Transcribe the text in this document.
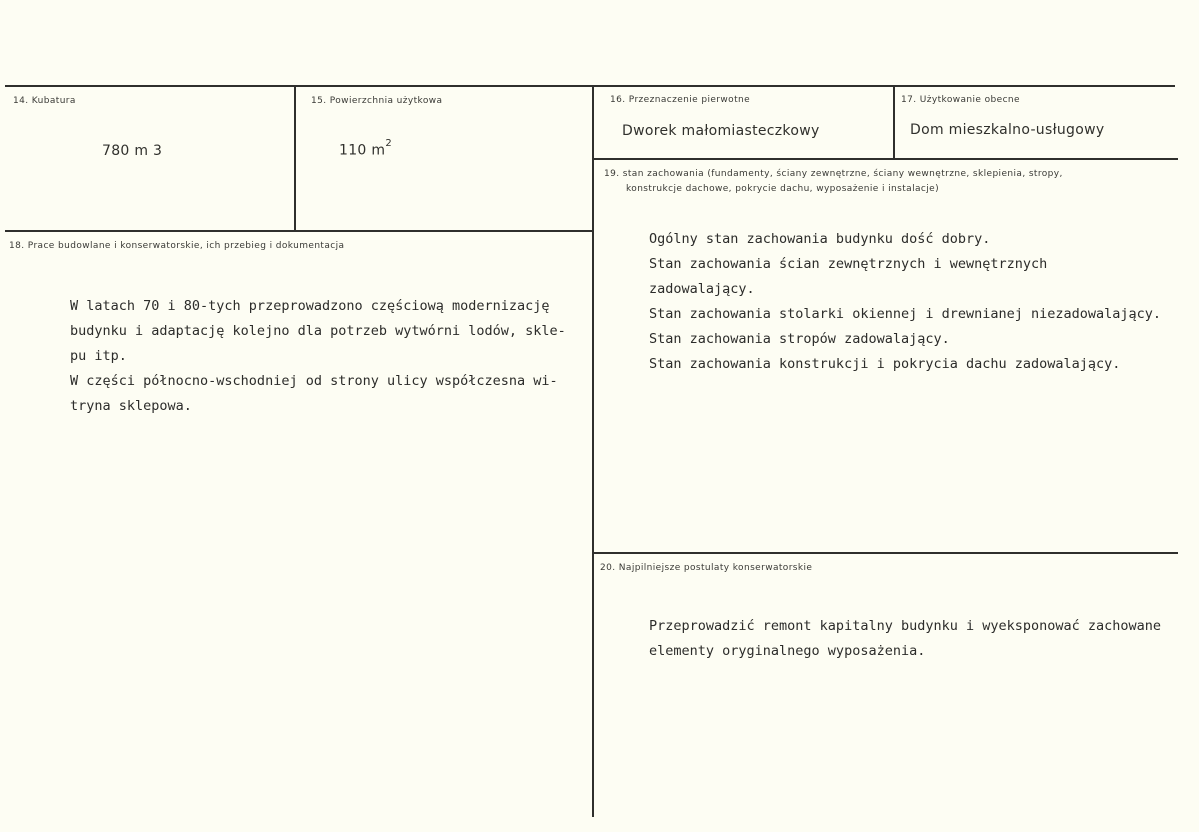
14. Kubatura
780 m 3
15. Powierzchnia użytkowa
110 $m^2$
16. Przeznaczenie pierwotne
Dworek małomiasteczkowy
17. Użytkowanie obecne
Dom mieszkalno-usługowy
18. Prace budowlane i konserwatorskie, ich przebieg i dokumentacja
W latach 70 i 80-tych przeprowadzono częściową modernizację
budynku i adaptację kolejno dla potrzeb wytwórni lodów, skle-
pu itp.
W części północno-wschodniej od strony ulicy współczesna wi-
tryna sklepowa.
19. stan zachowania (fundamenty, ściany zewnętrzne, ściany wewnętrzne, sklepienia, stropy,
konstrukcje dachowe, pokrycie dachu, wyposażenie i instalacje)
Ogólny stan zachowania budynku dość dobry.
Stan zachowania ścian zewnętrznych i wewnętrznych
zadowalający.
Stan zachowania stolarki okiennej i drewnianej niezadowalający.
Stan zachowania stropów zadowalający.
Stan zachowania konstrukcji i pokrycia dachu zadowalający.
20. Najpilniejsze postulaty konserwatorskie
Przeprowadzić remont kapitalny budynku i wyeksponować zachowane
elementy oryginalnego wyposażenia.
